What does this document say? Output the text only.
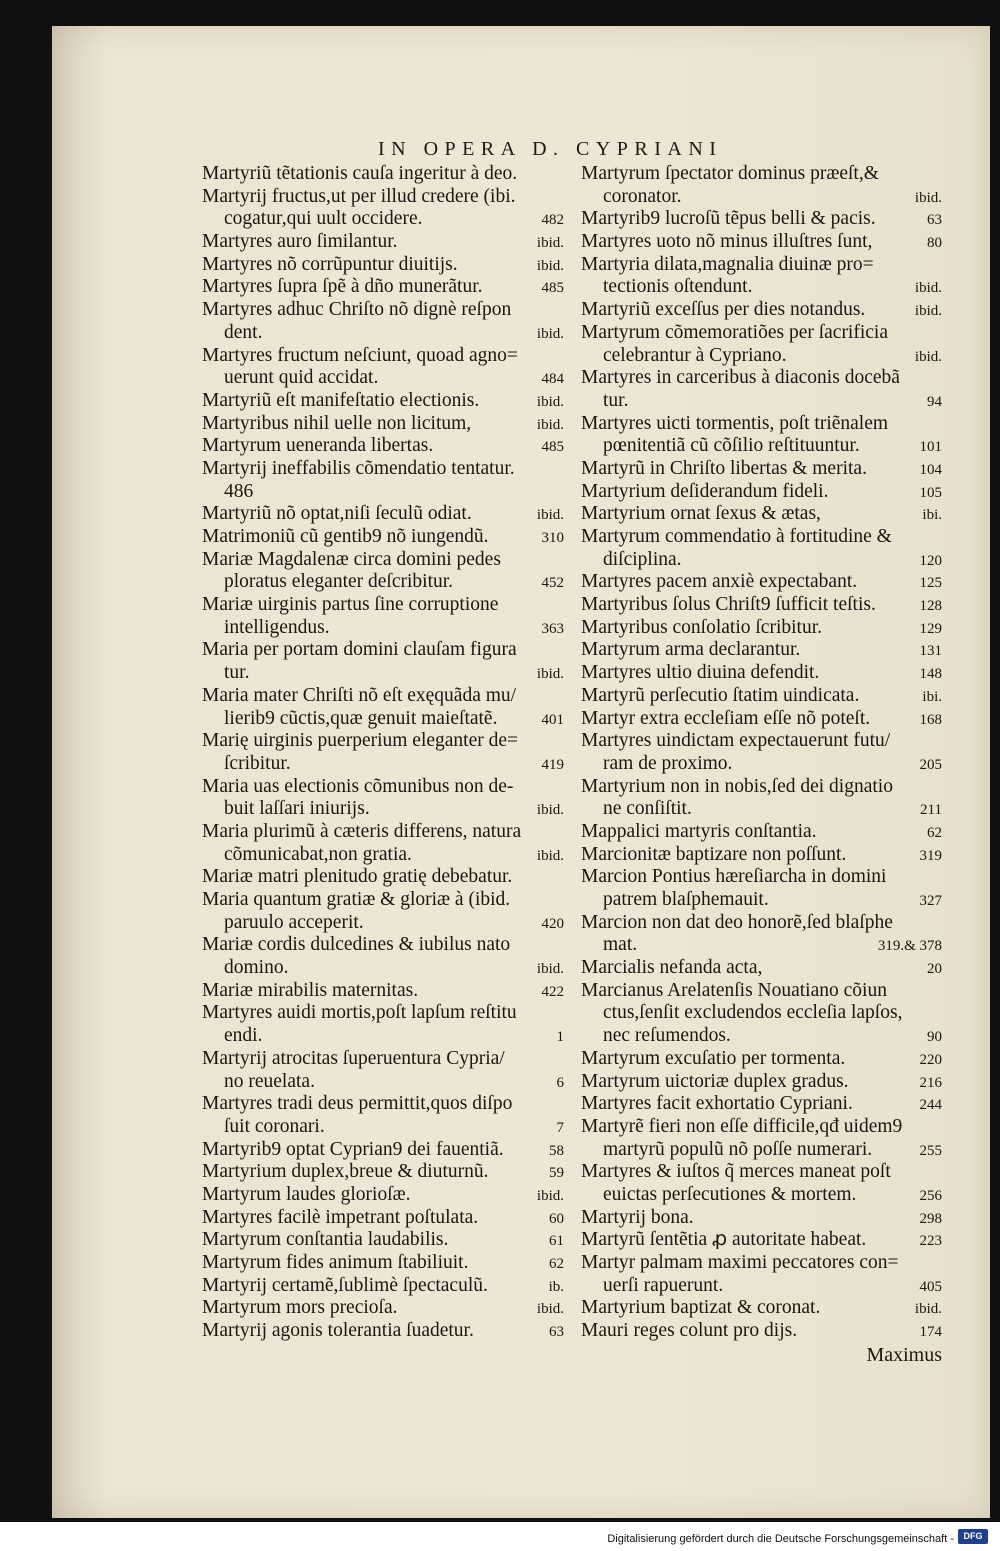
IN OPERA D. CYPRIANI
Martyriũ tẽtationis cauſa ingeritur à deo.
Martyrij fructus,ut per illud credere (ibi.
cogatur,qui uult occidere.	482
Martyres auro ſimilantur.	ibid.
Martyres nõ corrũpuntur diuitijs.	ibid.
Martyres ſupra ſpẽ à dño munerãtur.	485
Martyres adhuc Chriſto nõ dignè reſpon
dent.	ibid.
Martyres fructum neſciunt, quoad agno=
uerunt quid accidat.	484
Martyriũ eſt manifeſtatio electionis.	ibid.
Martyribus nihil uelle non licitum,	ibid.
Martyrum ueneranda libertas.	485
Martyrij ineffabilis cõmendatio tentatur.
486
Martyriũ nõ optat,niſi ſeculũ odiat.	ibid.
Matrimoniũ cũ gentib9 nõ iungendũ.	310
Mariæ Magdalenæ circa domini pedes
ploratus eleganter deſcribitur.	452
Mariæ uirginis partus ſine corruptione
intelligendus.	363
Maria per portam domini clauſam figura
tur.	ibid.
Maria mater Chriſti nõ eſt exęquãda mu/
lierib9 cũctis,quæ genuit maieſtatẽ.	401
Marię uirginis puerperium eleganter de=
ſcribitur.	419
Maria uas electionis cõmunibus non de-
buit laſſari iniurijs.	ibid.
Maria plurimũ à cæteris differens, natura
cõmunicabat,non gratia.	ibid.
Mariæ matri plenitudo gratię debebatur.
Maria quantum gratiæ & gloriæ à (ibid.
paruulo acceperit.	420
Mariæ cordis dulcedines & iubilus nato
domino.	ibid.
Mariæ mirabilis maternitas.	422
Martyres auidi mortis,poſt lapſum reſtitu
endi.	1
Martyrij atrocitas ſuperuentura Cypria/
no reuelata.	6
Martyres tradi deus permittit,quos diſpo
ſuit coronari.	7
Martyrib9 optat Cyprian9 dei fauentiã.	58
Martyrium duplex,breue & diuturnũ.	59
Martyrum laudes glorioſæ.	ibid.
Martyres facilè impetrant poſtulata.	60
Martyrum conſtantia laudabilis.	61
Martyrum fides animum ſtabiliuit.	62
Martyrij certamẽ,ſublimè ſpectaculũ.	ib.
Martyrum mors precioſa.	ibid.
Martyrij agonis tolerantia ſuadetur.	63
Martyrum ſpectator dominus præeſt,&
coronator.	ibid.
Martyrib9 lucroſũ tẽpus belli & pacis.	63
Martyres uoto nõ minus illuſtres ſunt,	80
Martyria dilata,magnalia diuinæ pro=
tectionis oſtendunt.	ibid.
Martyriũ exceſſus per dies notandus.	ibid.
Martyrum cõmemoratiões per ſacrificia
celebrantur à Cypriano.	ibid.
Martyres in carceribus à diaconis docebã
tur.	94
Martyres uicti tormentis, poſt triẽnalem
pœnitentiã cũ cõſilio reſtituuntur.	101
Martyrũ in Chriſto libertas & merita.	104
Martyrium deſiderandum fideli.	105
Martyrium ornat ſexus & ætas,	ibi.
Martyrum commendatio à fortitudine &
diſciplina.	120
Martyres pacem anxiè expectabant.	125
Martyribus ſolus Chriſt9 ſufficit teſtis.	128
Martyribus conſolatio ſcribitur.	129
Martyrum arma declarantur.	131
Martyres ultio diuina defendit.	148
Martyrũ perſecutio ſtatim uindicata.	ibi.
Martyr extra eccleſiam eſſe nõ poteſt.	168
Martyres uindictam expectauerunt futu/
ram de proximo.	205
Martyrium non in nobis,ſed dei dignatio
ne conſiſtit.	211
Mappalici martyris conſtantia.	62
Marcionitæ baptizare non poſſunt.	319
Marcion Pontius hæreſiarcha in domini
patrem blaſphemauit.	327
Marcion non dat deo honorẽ,ſed blaſphe
mat.	319.& 378
Marcialis nefanda acta,	20
Marcianus Arelatenſis Nouatiano cõiun
ctus,ſenſit excludendos eccleſia lapſos,
nec reſumendos.	90
Martyrum excuſatio per tormenta.	220
Martyrum uictoriæ duplex gradus.	216
Martyres facit exhortatio Cypriani.	244
Martyrẽ fieri non eſſe difficile,qđ uidem9
martyrũ populũ nõ poſſe numerari.	255
Martyres & iuſtos q̃ merces maneat poſt
euictas perſecutiones & mortem.	256
Martyrij bona.	298
Martyrũ ſentẽtia ꝓ autoritate habeat.	223
Martyr palmam maximi peccatores con=
uerſi rapuerunt.	405
Martyrium baptizat & coronat.	ibid.
Mauri reges colunt pro dijs.	174
Maximus
Digitalisierung gefördert durch die Deutsche Forschungsgemeinschaft -	DFG
